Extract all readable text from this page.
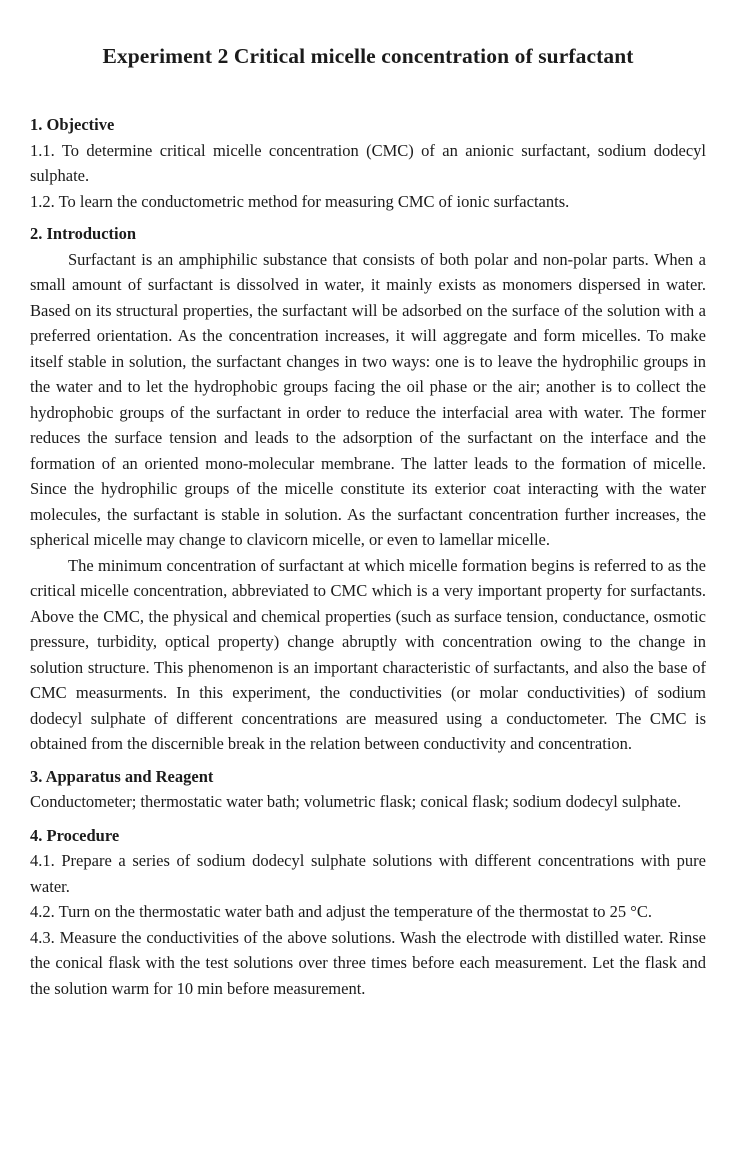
Experiment 2 Critical micelle concentration of surfactant
1. Objective

1.1. To determine critical micelle concentration (CMC) of an anionic surfactant, sodium dodecyl sulphate.

1.2. To learn the conductometric method for measuring CMC of ionic surfactants.

2. Introduction

Surfactant is an amphiphilic substance that consists of both polar and non-polar parts. When a small amount of surfactant is dissolved in water, it mainly exists as monomers dispersed in water. Based on its structural properties, the surfactant will be adsorbed on the surface of the solution with a preferred orientation. As the concentration increases, it will aggregate and form micelles. To make itself stable in solution, the surfactant changes in two ways: one is to leave the hydrophilic groups in the water and to let the hydrophobic groups facing the oil phase or the air; another is to collect the hydrophobic groups of the surfactant in order to reduce the interfacial area with water. The former reduces the surface tension and leads to the adsorption of the surfactant on the interface and the formation of an oriented mono-molecular membrane. The latter leads to the formation of micelle. Since the hydrophilic groups of the micelle constitute its exterior coat interacting with the water molecules, the surfactant is stable in solution. As the surfactant concentration further increases, the spherical micelle may change to clavicorn micelle, or even to lamellar micelle.

The minimum concentration of surfactant at which micelle formation begins is referred to as the critical micelle concentration, abbreviated to CMC which is a very important property for surfactants. Above the CMC, the physical and chemical properties (such as surface tension, conductance, osmotic pressure, turbidity, optical property) change abruptly with concentration owing to the change in solution structure. This phenomenon is an important characteristic of surfactants, and also the base of CMC measurments. In this experiment, the conductivities (or molar conductivities) of sodium dodecyl sulphate of different concentrations are measured using a conductometer. The CMC is obtained from the discernible break in the relation between conductivity and concentration.

3. Apparatus and Reagent

Conductometer; thermostatic water bath; volumetric flask; conical flask; sodium dodecyl sulphate.

4. Procedure

4.1. Prepare a series of sodium dodecyl sulphate solutions with different concentrations with pure water.

4.2. Turn on the thermostatic water bath and adjust the temperature of the thermostat to 25 °C.

4.3. Measure the conductivities of the above solutions. Wash the electrode with distilled water. Rinse the conical flask with the test solutions over three times before each measurement. Let the flask and the solution warm for 10 min before measurement.
